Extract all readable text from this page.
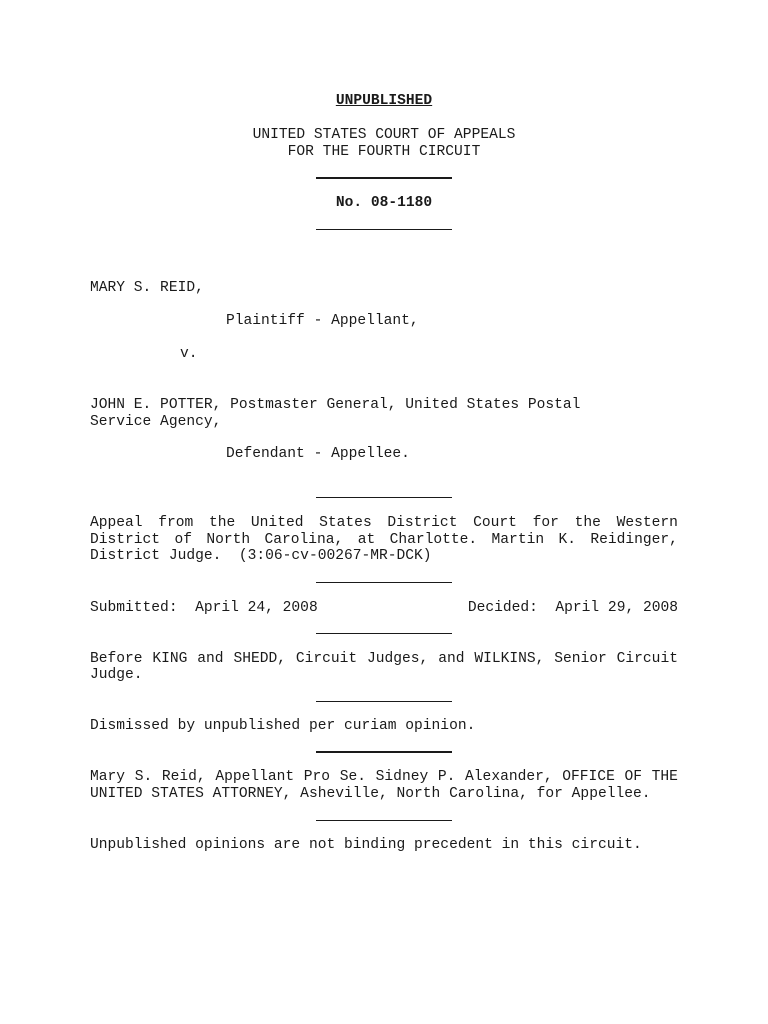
UNPUBLISHED

UNITED STATES COURT OF APPEALS

FOR THE FOURTH CIRCUIT

No. 08-1180

MARY S. REID,

Plaintiff - Appellant,

v.

JOHN E. POTTER, Postmaster General, United States Postal

Service Agency,

Defendant - Appellee.

Appeal from the United States District Court for the Western
District of North Carolina, at Charlotte. Martin K. Reidinger,

District Judge.  (3:06-cv-00267-MR-DCK)

Submitted:  April 24, 2008	Decided:  April 29, 2008

Before KING and SHEDD, Circuit Judges, and WILKINS, Senior Circuit

Judge.

Dismissed by unpublished per curiam opinion.

Mary S. Reid, Appellant Pro Se. Sidney P. Alexander, OFFICE OF THE

UNITED STATES ATTORNEY, Asheville, North Carolina, for Appellee.

Unpublished opinions are not binding precedent in this circuit.
